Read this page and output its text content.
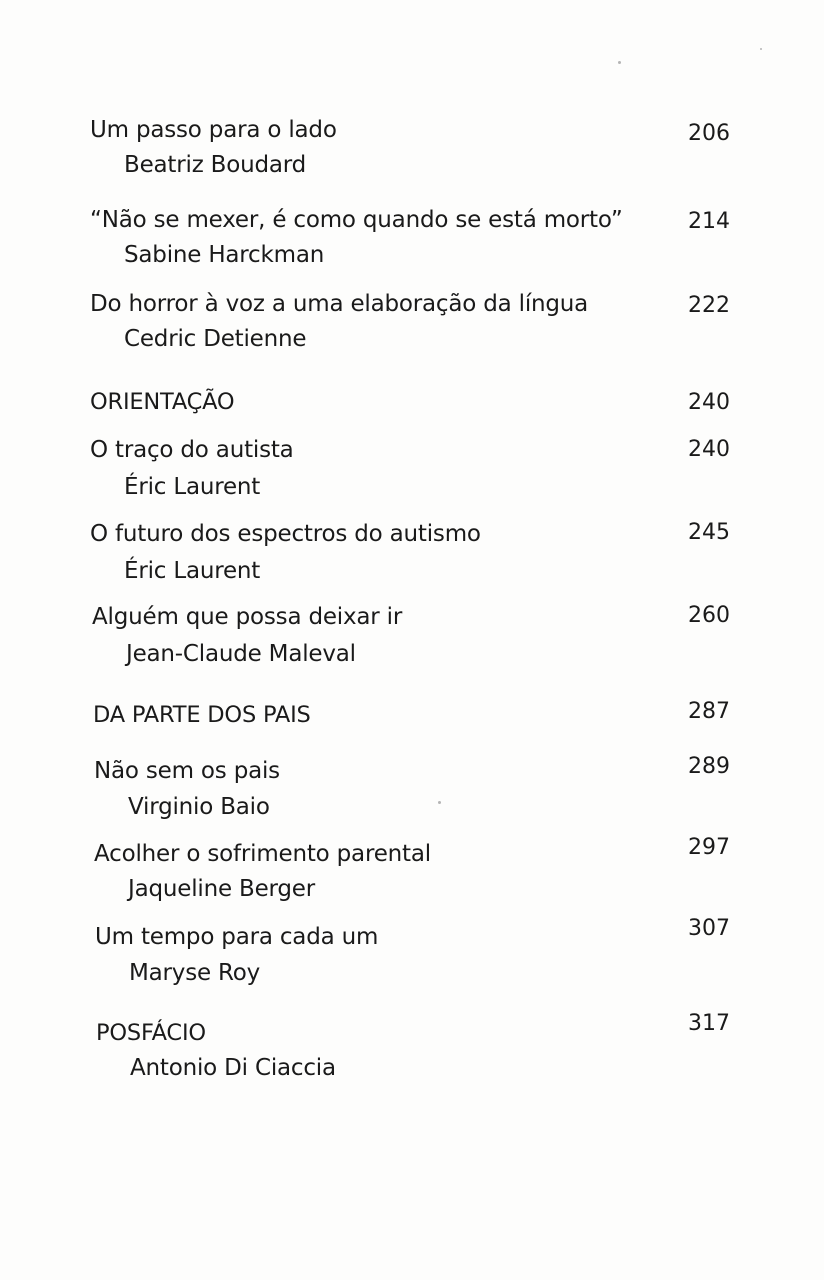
Um passo para o lado
Beatriz Boudard
206
“Não se mexer, é como quando se está morto”
Sabine Harckman
214
Do horror à voz a uma elaboração da língua
Cedric Detienne
222
ORIENTAÇÃO	240
O traço do autista
Éric Laurent
240
O futuro dos espectros do autismo
Éric Laurent
245
Alguém que possa deixar ir
Jean-Claude Maleval
260
DA PARTE DOS PAIS	287
Não sem os pais
Virginio Baio
289
Acolher o sofrimento parental
Jaqueline Berger
297
Um tempo para cada um
Maryse Roy
307
POSFÁCIO
Antonio Di Ciaccia
317
